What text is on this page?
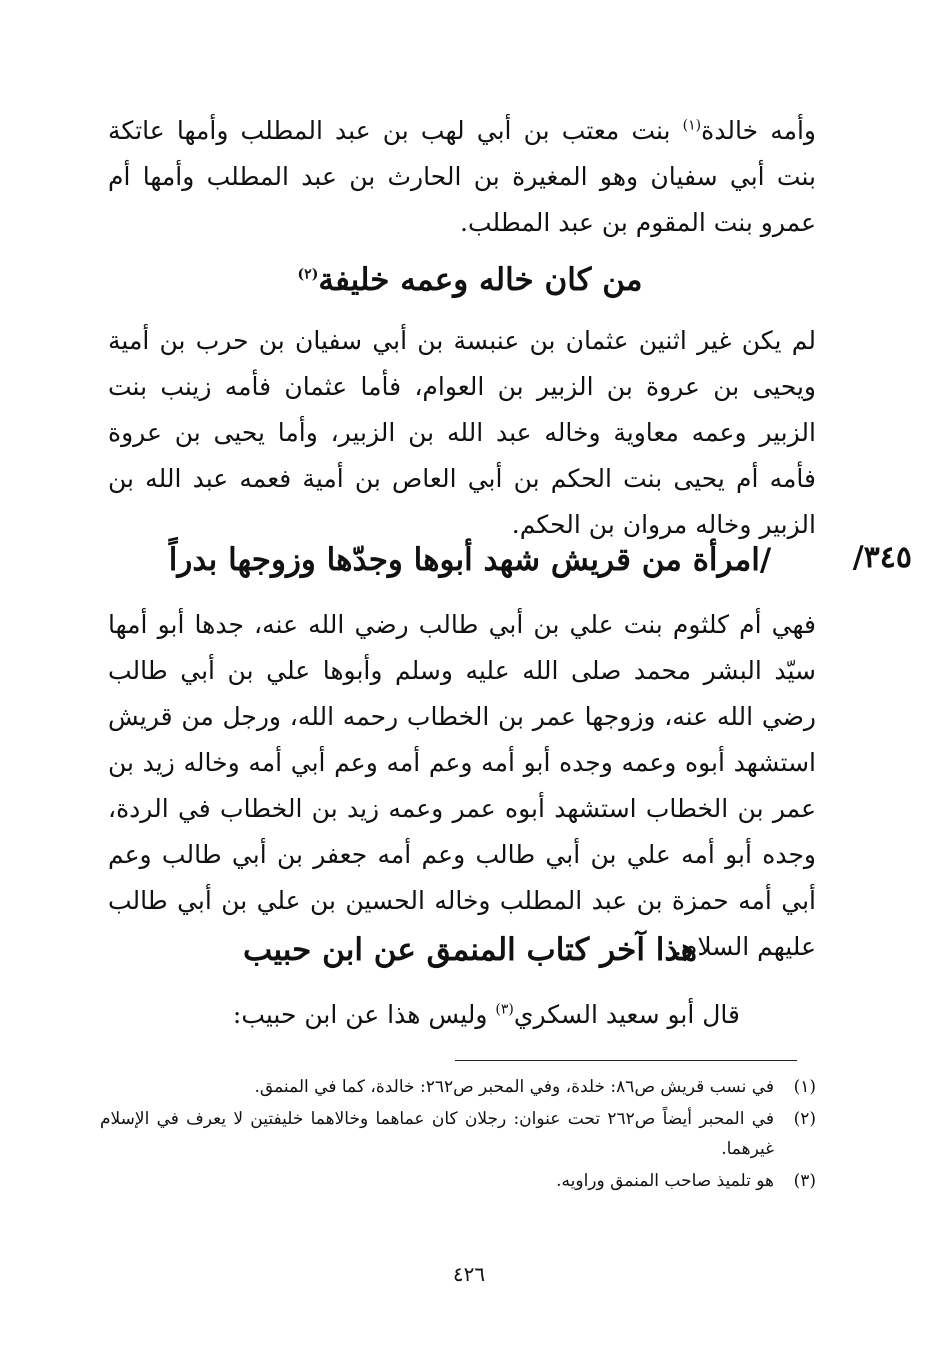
وأمه خالدة$^{(١)}$ بنت معتب بن أبي لهب بن عبد المطلب وأمها عاتكة بنت أبي سفيان وهو المغيرة بن الحارث بن عبد المطلب وأمها أم عمرو بنت المقوم بن عبد المطلب.

من كان خاله وعمه خليفة$^{(٢)}$

لم يكن غير اثنين عثمان بن عنبسة بن أبي سفيان بن حرب بن أمية ويحيى بن عروة بن الزبير بن العوام، فأما عثمان فأمه زينب بنت الزبير وعمه معاوية وخاله عبد الله بن الزبير، وأما يحيى بن عروة فأمه أم يحيى بنت الحكم بن أبي العاص بن أمية فعمه عبد الله بن الزبير وخاله مروان بن الحكم.

٣٤٥/
/امرأة من قريش شهد أبوها وجدّها وزوجها بدراً

فهي أم كلثوم بنت علي بن أبي طالب رضي الله عنه، جدها أبو أمها سيّد البشر محمد صلى الله عليه وسلم وأبوها علي بن أبي طالب رضي الله عنه، وزوجها عمر بن الخطاب رحمه الله، ورجل من قريش استشهد أبوه وعمه وجده أبو أمه وعم أمه وعم أبي أمه وخاله زيد بن عمر بن الخطاب استشهد أبوه عمر وعمه زيد بن الخطاب في الردة، وجده أبو أمه علي بن أبي طالب وعم أمه جعفر بن أبي طالب وعم أبي أمه حمزة بن عبد المطلب وخاله الحسين بن علي بن أبي طالب عليهم السلام.

هذا آخر كتاب المنمق عن ابن حبيب

قال أبو سعيد السكري$^{(٣)}$ وليس هذا عن ابن حبيب:

(١)
في نسب قريش ص٨٦: خلدة، وفي المحبر ص٢٦٢: خالدة، كما في المنمق.
(٢)
في المحبر أيضاً ص٢٦٢ تحت عنوان: رجلان كان عماهما وخالاهما خليفتين لا يعرف في الإسلام غيرهما.
(٣)
هو تلميذ صاحب المنمق وراويه.
٤٢٦
